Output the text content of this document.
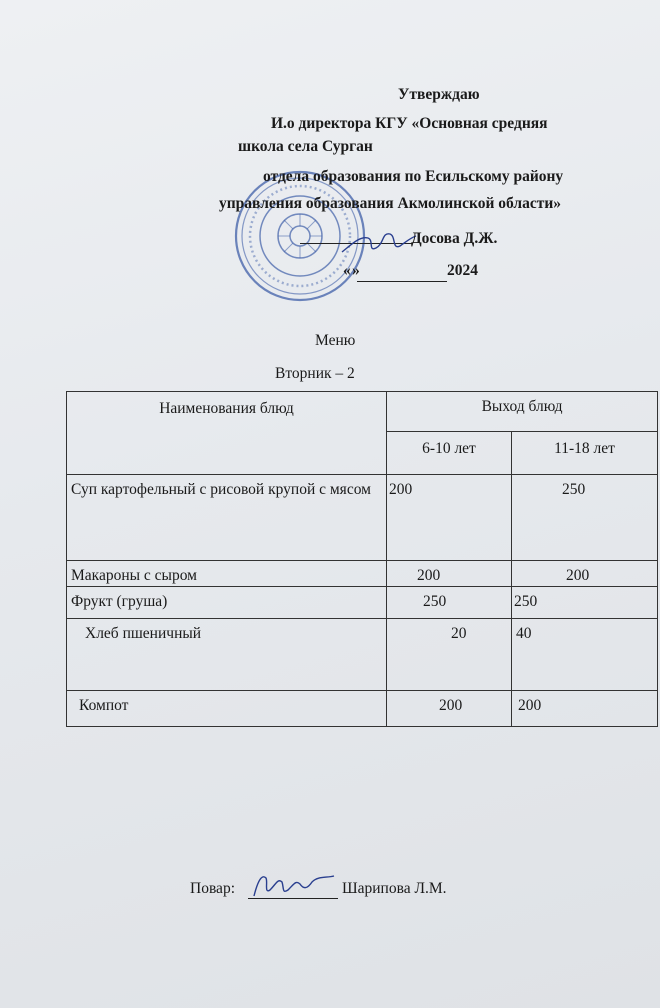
Утверждаю
И.о директора КГУ «Основная средняя
школа села Сурган
отдела образования по Есильскому району
управления образования Акмолинской области»
Досова Д.Ж.
« »	2024
Меню
Вторник – 2
Наименования блюд	Выход блюд	
	6-10 лет	11-18 лет
Суп картофельный с рисовой крупой с мясом	200	250
Макароны с сыром	200	200
Фрукт (груша)	250	250
Хлеб пшеничный	20	40
Компот	200	200
Повар:	Шарипова Л.М.
